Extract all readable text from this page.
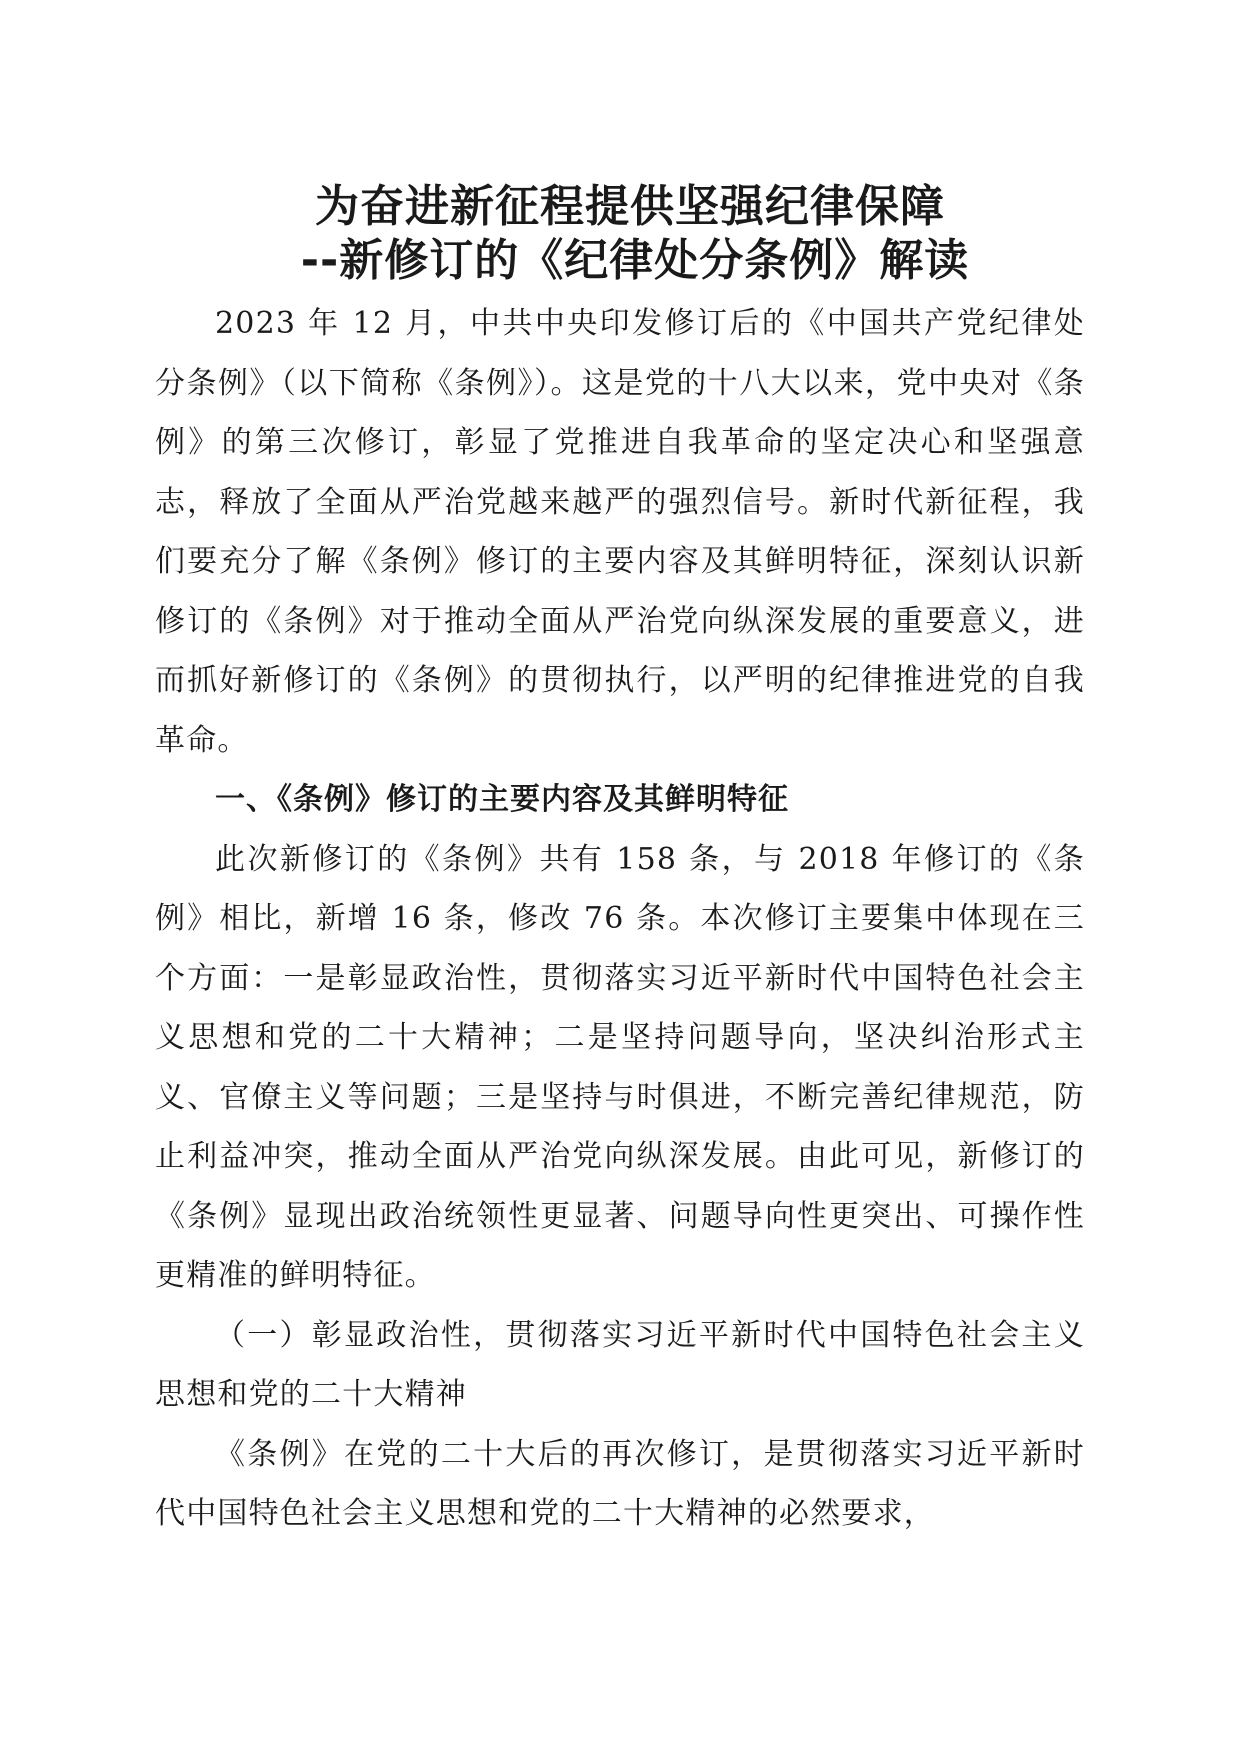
为奋进新征程提供坚强纪律保障
--新修订的《纪律处分条例》解读

2023 年 12 月，中共中央印发修订后的《中国共产党纪律处分条例》（以下简称《条例》）。这是党的十八大以来，党中央对《条例》的第三次修订，彰显了党推进自我革命的坚定决心和坚强意志，释放了全面从严治党越来越严的强烈信号。新时代新征程，我们要充分了解《条例》修订的主要内容及其鲜明特征，深刻认识新修订的《条例》对于推动全面从严治党向纵深发展的重要意义，进而抓好新修订的《条例》的贯彻执行，以严明的纪律推进党的自我革命。

一、《条例》修订的主要内容及其鲜明特征

此次新修订的《条例》共有 158 条，与 2018 年修订的《条例》相比，新增 16 条，修改 76 条。本次修订主要集中体现在三个方面：一是彰显政治性，贯彻落实习近平新时代中国特色社会主义思想和党的二十大精神；二是坚持问题导向，坚决纠治形式主义、官僚主义等问题；三是坚持与时俱进，不断完善纪律规范，防止利益冲突，推动全面从严治党向纵深发展。由此可见，新修订的《条例》显现出政治统领性更显著、问题导向性更突出、可操作性更精准的鲜明特征。

（一）彰显政治性，贯彻落实习近平新时代中国特色社会主义思想和党的二十大精神

《条例》在党的二十大后的再次修订，是贯彻落实习近平新时代中国特色社会主义思想和党的二十大精神的必然要求，
